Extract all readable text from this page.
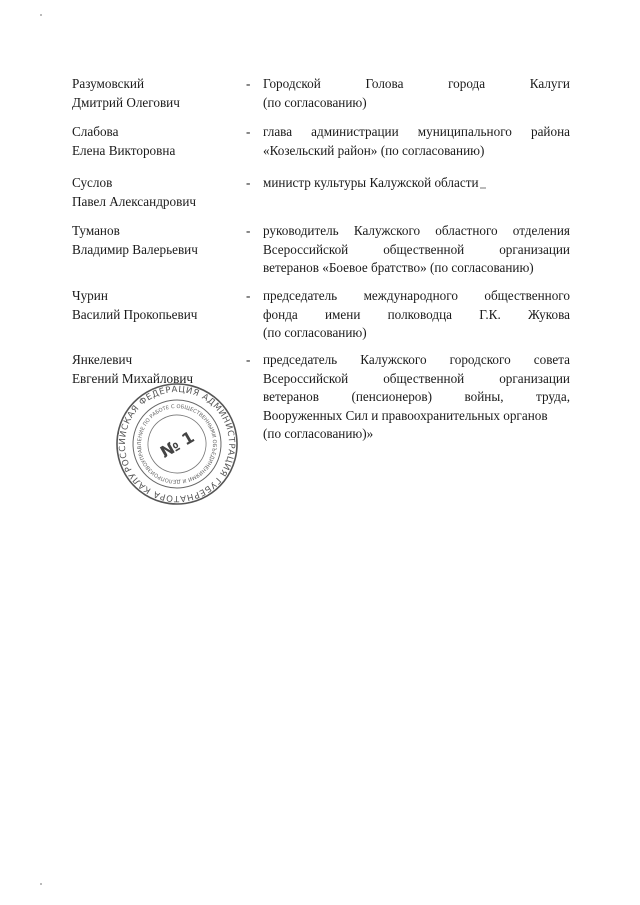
Разумовский
Дмитрий Олегович
- Городской Голова города Калуги
(по согласованию)
Слабова
Елена Викторовна
- глава администрации муниципального района
«Козельский район» (по согласованию)
Суслов
Павел Александрович
- министр культуры Калужской области
Туманов
Владимир Валерьевич
- руководитель Калужского областного отделения
Всероссийской общественной организации
ветеранов «Боевое братство» (по согласованию)
Чурин
Василий Прокопьевич
- председатель международного общественного
фонда имени полководца Г.К. Жукова
(по согласованию)
Янкелевич
Евгений Михайлович
- председатель Калужского городского совета
Всероссийской общественной организации
ветеранов (пенсионеров) войны, труда,
Вооруженных Сил и правоохранительных органов
(по согласованию)»
РОССИЙСКАЯ ФЕДЕРАЦИЯ АДМИНИСТРАЦИЯ ГУБЕРНАТОРА КАЛУЖСКОЙ
УПРАВЛЕНИЕ ПО РАБОТЕ С ОБЩЕСТВЕННЫМИ ОБЪЕДИНЕНИЯМИ И ДЕЛОПРОИЗВОДСТВУ
№ 1
